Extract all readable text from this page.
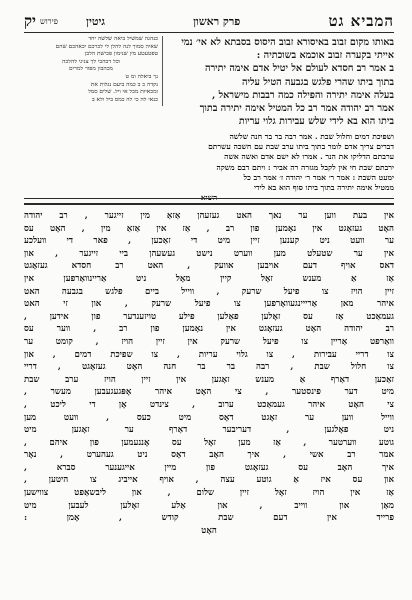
המביא גט
פרק ראשון
גיטין
פירוש
יק
באותו מקום זבוב באיסורא זבוב היסוס בסבתא לא אי׳ נמי
אייתי בקערה זבוב אוכמא בשוכתיה :
ב אמר רב חסדא לעולם אל יטיל אדם אימה יתירה
בתוך ביתו שהרי פלגש בגבעה הטיל עליה
בעלה אימה יתירה והפילה כמה רבבות מישראל ,
אמר רב יהודה אמר רב כל המטיל אימה יתירה בתוך
ביתו הוא בא לידי שלש עבירות גלוי עריות
כנהגה שמשיל ביאה שלשה יחד
שאיה סמוך לנה להלן לי לכרכם יכאהכם שהם
טפטעטע מין שנימון פכישת הלבן
וכל דבהכי לך צניגי להלכה
מכהבון מפור למרים
נך ביאלה ומ ט
נקדה כ ב כמה ביעם נגלות את
ומכאיות מכל אי ויל. שלים סמל
כנאי לה כי לה כמס ביל ולא ב
ושפיכת דמים וחלול שבת . אמר רבה בר בר חנה שלשה
דברים צריך אדם לומר בתוך ביתו ערב שבת עם חשכה עשרתם
ערבתם הדליקו את הנר . אמרו לא ישם אדם ואשה אשה
ירבתם שבת חי אין לקבל מגזרה רה אביר : ויתם דבם משקה
ימעט השבת : אמר ר׳ אמר ר׳ יהודה ז׳ אמר רב כל
ממטיל אימה יתירה בתוך ביתו סוף הוא בא לידי
אין בעת ווען ער נאך האט געזעהן אַזאַ מין זייגער , רב יהודה
האָט געזאָגט אין נאָמען פון רב , אַז אין אַזאַ מין , האָט עס
ער וועט ניט קענען זיין מיט די זאַכען , פאר די וועלכע
אין ער שטעלט מען ווערט נישט געשעהן ביי זייגער , און
דאס אויף דעם אויבען אוועק , האט רב חסדא געזאָגט
אַז אַ מענש זאָל קיין מאָל ניט אַריינוואַרפען אין
זיין הויז צו פיעל שרעק , ווייל ביים פלגש בגבעה האט
איהר מאן אַרייינגעוואָרפען צו פיעל שרעק , און זי האט
געמאַכט אַז עס זאָלען פאַלען פילע טויזענדער פון אידען ,
רב יהודה האָט געזאָגט אין נאָמען פון רב , ווער עס
וואַרפט אַריין צו פיעל שרעק אין זיין הויז , קומט ער
צו דריי עבירות , צו גלוי עריות , צו שפיכת דמים , און
צו חלול שבת , רבה בר בר חנה האָט געזאָגט , דריי
זאַכען דאַרף אַ מענש זאָגען אין זיין הויז ערב שבת
מיט דער פינסטער , צי האָט איהר אָפּגעגעבען מעשר ,
צי האָט איהר געמאַכט ערוב , צינדט אָן די ליכט ,
ווייל ווען ער זאָגט דאָס מיט כעס , וועט מען
ניט פאָלגען , דעריבער דאַרף ער זאָגען מיט
גוטע ווערטער , אַז מען זאָל עס אָננעמען פון איהם ,
אמר רב אשי , איך האָב דאָס ניט געהערט , נאָר
איך האָב עס געזאָגט פון מיין אייגענער סברא ,
און עס איז אַ גוטע עצה , אויף אייביג צו היטען ,
אַז אין הויז זאָל זיין שלום , און ליבשאַפט צווישען
מאַן און ווייב , און אַלע זאָלען לעבען מיט
פרייד אין דעם שבת קודש , אָמן :
האָט
